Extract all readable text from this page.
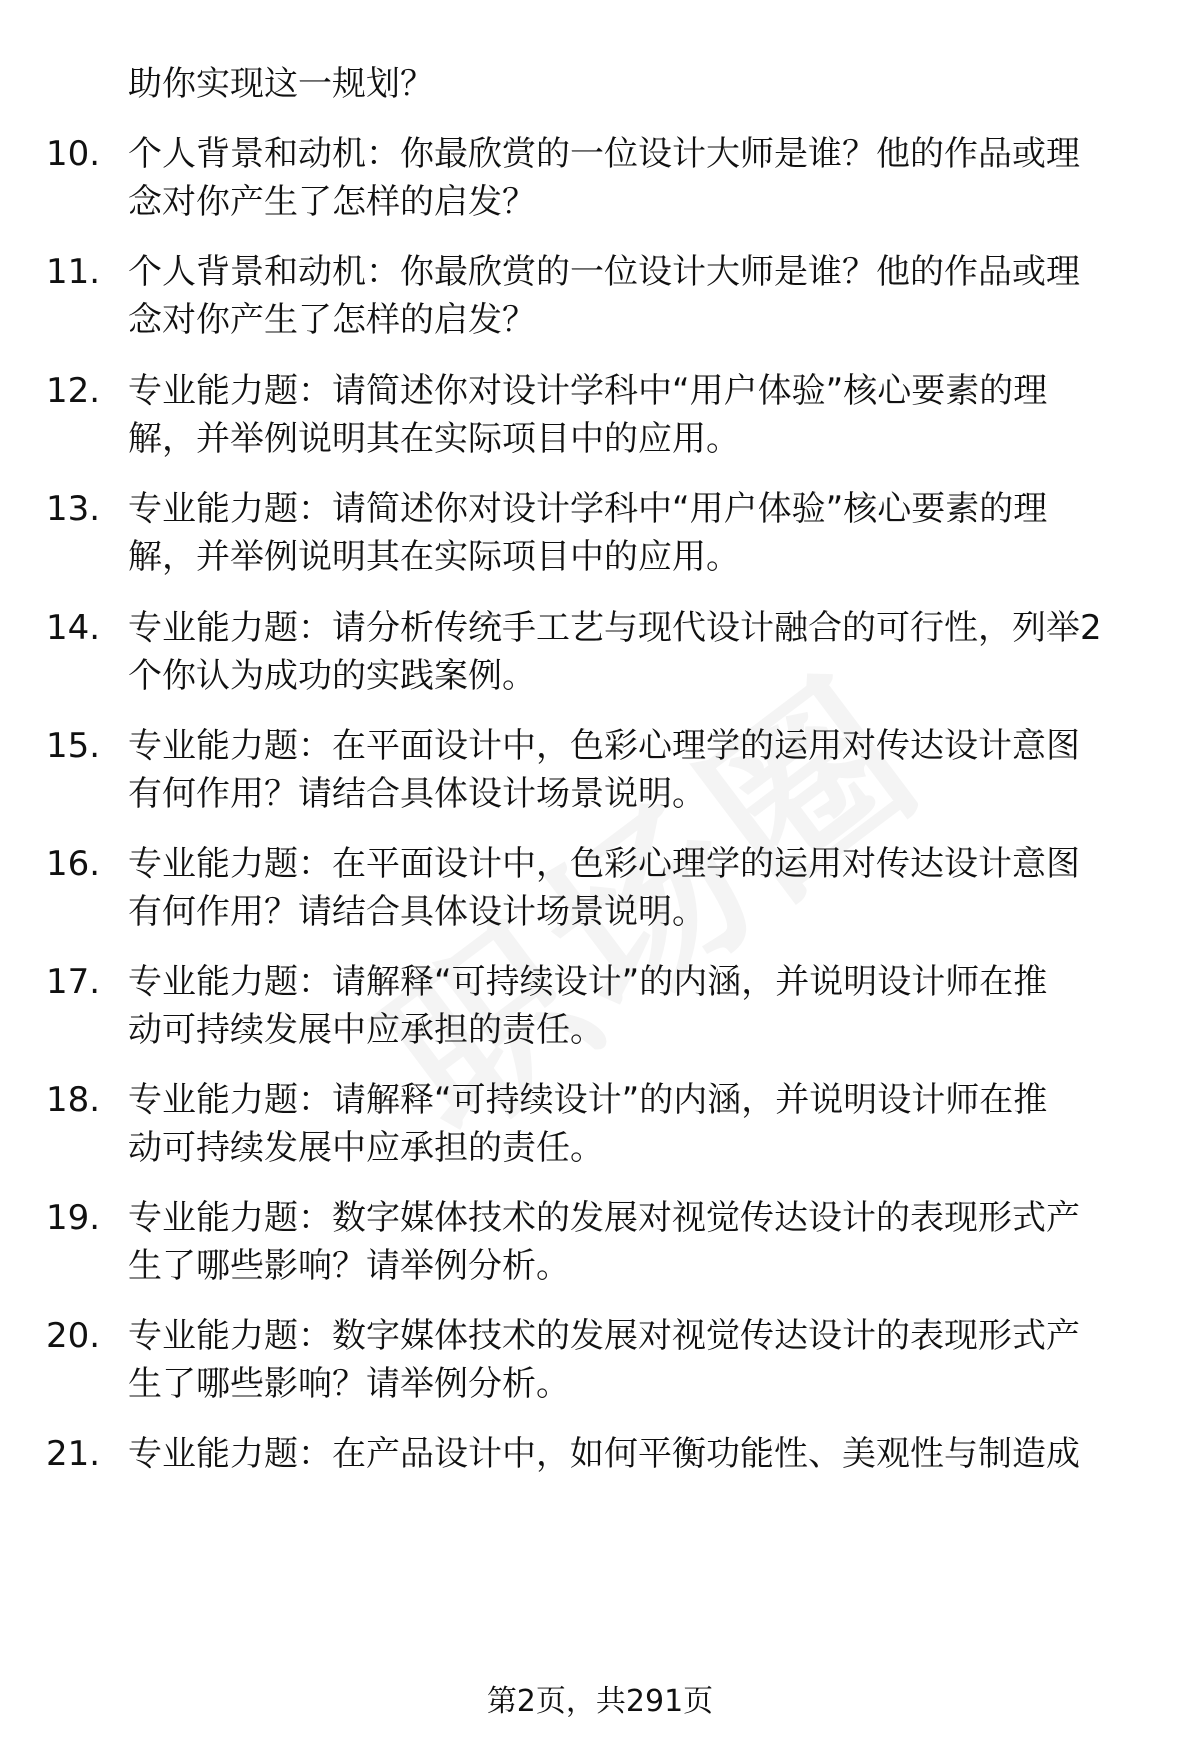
助你实现这一规划？
10. 个人背景和动机：你最欣赏的一位设计大师是谁？他的作品或理
念对你产生了怎样的启发？
11. 个人背景和动机：你最欣赏的一位设计大师是谁？他的作品或理
念对你产生了怎样的启发？
12. 专业能力题：请简述你对设计学科中“用户体验”核心要素的理
解，并举例说明其在实际项目中的应用。
13. 专业能力题：请简述你对设计学科中“用户体验”核心要素的理
解，并举例说明其在实际项目中的应用。
14. 专业能力题：请分析传统手工艺与现代设计融合的可行性，列举2
个你认为成功的实践案例。
15. 专业能力题：在平面设计中，色彩心理学的运用对传达设计意图
有何作用？请结合具体设计场景说明。
16. 专业能力题：在平面设计中，色彩心理学的运用对传达设计意图
有何作用？请结合具体设计场景说明。
17. 专业能力题：请解释“可持续设计”的内涵，并说明设计师在推
动可持续发展中应承担的责任。
18. 专业能力题：请解释“可持续设计”的内涵，并说明设计师在推
动可持续发展中应承担的责任。
19. 专业能力题：数字媒体技术的发展对视觉传达设计的表现形式产
生了哪些影响？请举例分析。
20. 专业能力题：数字媒体技术的发展对视觉传达设计的表现形式产
生了哪些影响？请举例分析。
21. 专业能力题：在产品设计中，如何平衡功能性、美观性与制造成
第2页，共291页
